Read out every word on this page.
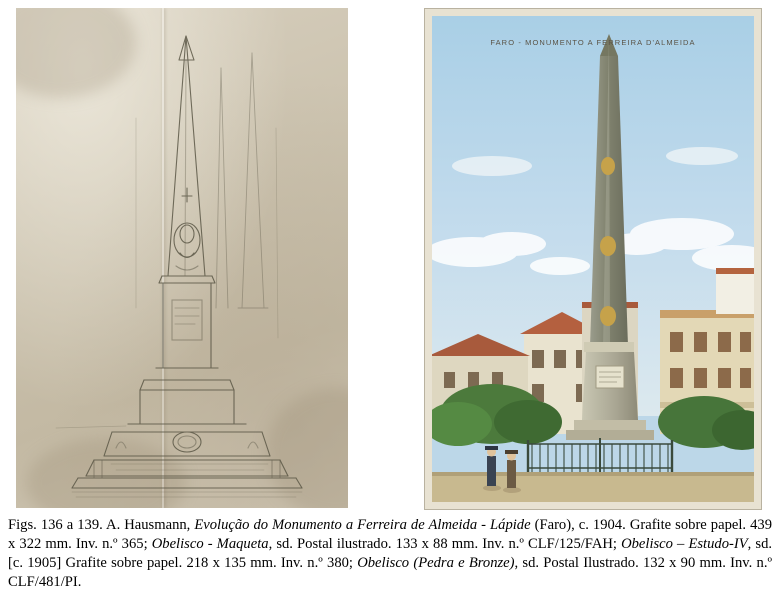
FARO - MONUMENTO A FERREIRA D'ALMEIDA
Figs. 136 a 139. A. Hausmann, Evolução do Monumento a Ferreira de Almeida - Lápide (Faro), c. 1904. Grafite sobre papel. 439 x 322 mm. Inv. n.º 365; Obelisco - Maqueta, sd. Postal ilustrado. 133 x 88 mm. Inv. n.º CLF/125/FAH; Obelisco – Estudo-IV, sd. [c. 1905] Grafite sobre papel. 218 x 135 mm. Inv. n.º 380; Obelisco (Pedra e Bronze), sd. Postal Ilustrado. 132 x 90 mm. Inv. n.º CLF/481/PI.
